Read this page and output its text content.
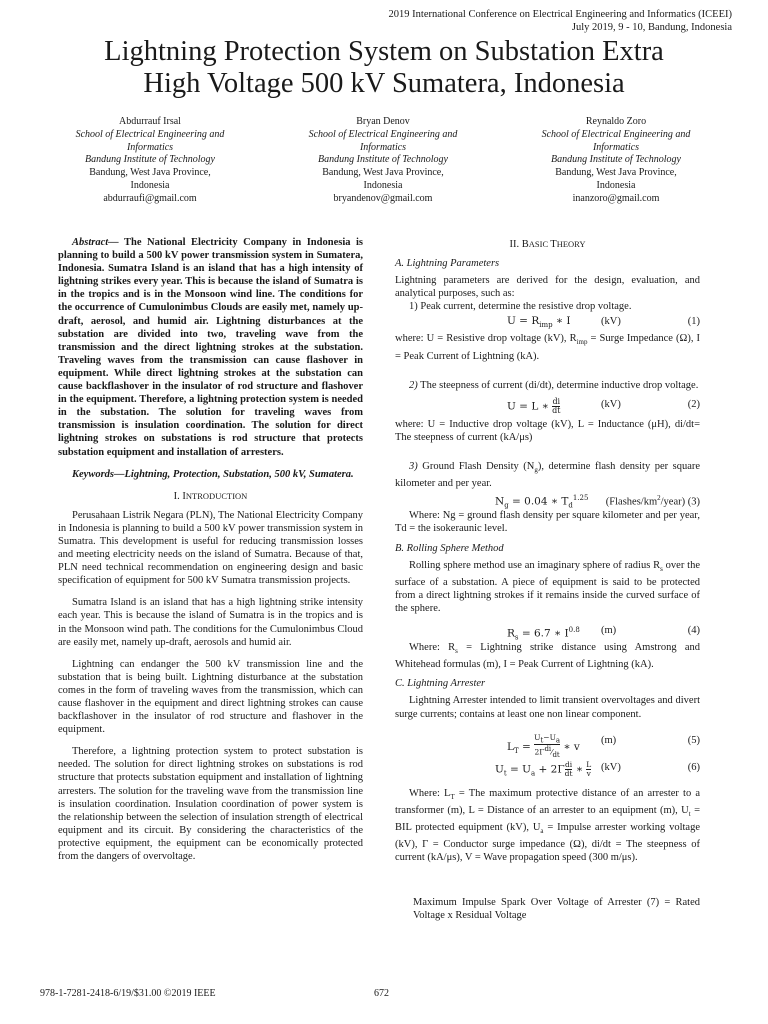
2019 International Conference on Electrical Engineering and Informatics (ICEEI)
July 2019, 9 - 10, Bandung, Indonesia
Lightning Protection System on Substation Extra
High Voltage 500 kV Sumatera, Indonesia
Abdurrauf Irsal
School of Electrical Engineering and
Informatics
Bandung Institute of Technology
Bandung, West Java Province,
Indonesia
abdurraufi@gmail.com
Bryan Denov
School of Electrical Engineering and
Informatics
Bandung Institute of Technology
Bandung, West Java Province,
Indonesia
bryandenov@gmail.com
Reynaldo Zoro
School of Electrical Engineering and
Informatics
Bandung Institute of Technology
Bandung, West Java Province,
Indonesia
inanzoro@gmail.com

Abstract— The National Electricity Company in Indonesia is planning to build a 500 kV power transmission system in Sumatera, Indonesia. Sumatra Island is an island that has a high intensity of lightning strikes every year. This is because the island of Sumatra is in the tropics and is in the Monsoon wind line. The conditions for the occurrence of Cumulonimbus Clouds are easily met, namely up-draft, aerosol, and humid air. Lightning disturbances at the substation are divided into two, traveling wave from the transmission and the direct lightning strokes at the substation. Traveling waves from the transmission can cause flashover in equipment. While direct lightning strokes at the substation can cause backflashover in the insulator of rod structure and flashover in the equipment. Therefore, a lightning protection system is needed in the substation. The solution for traveling waves from transmission is insulation coordination. The solution for direct lightning strokes on substations is rod structure that protects substation equipment and installation of arresters.

Keywords—Lightning, Protection, Substation, 500 kV, Sumatera.

I. INTRODUCTION

Perusahaan Listrik Negara (PLN), The National Electricity Company in Indonesia is planning to build a 500 kV power transmission system in Sumatra. This development is useful for reducing transmission losses and meeting electricity needs on the island of Sumatra. Because of that, PLN need technical recommendation on engineering design and basic specification of equipment for 500 kV Sumatra transmission projects.

Sumatra Island is an island that has a high lightning strike intensity each year. This is because the island of Sumatra is in the tropics and is in the Monsoon wind path. The conditions for the Cumulonimbus Cloud are easily met, namely up-draft, aerosols and humid air.

Lightning can endanger the 500 kV transmission line and the substation that is being built. Lightning disturbance at the substation comes in the form of traveling waves from the transmission, which can cause flashover in the equipment and direct lightning strokes can cause backflashover in the insulator of rod structure and flashover in the equipment.

Therefore, a lightning protection system to protect substation is needed. The solution for direct lightning strokes on substations is rod structure that protects substation equipment and installation of lightning arresters. The solution for the traveling wave from the transmission line is insulation coordination. Insulation coordination of power system is the relationship between the selection of insulation strength of electrical equipment and its circuit. By considering the characteristics of the protective equipment, the equipment can be economically protected from the dangers of overvoltage.

II. BASIC THEORY

A. Lightning Parameters

Lightning parameters are derived for the design, evaluation, and analytical purposes, such as:

1) Peak current, determine the resistive drop voltage.

$U = R_{imp}$ ∗ I	(kV)	(1)

where: U = Resistive drop voltage (kV), $R_{imp}$ = Surge Impedance (Ω), I = Peak Current of Lightning (kA).

2) The steepness of current (di/dt), determine inductive drop voltage.

U = L ∗ $\frac{di}{dt}$	(kV)	(2)

where: U = Inductive drop voltage (kV), L = Inductance (μH), di/dt= The steepness of current (kA/μs)

3) Ground Flash Density $(N_g)$, determine flash density per square kilometer and per year.

$N_g = 0.04$ ∗ $T_d^{1.25}$ $(Flashes/km^2/year)$ (3)

Where: Ng = ground flash density per square kilometer and per year, Td = the isokeraunic level.

B. Rolling Sphere Method

Rolling sphere method use an imaginary sphere of radius $R_s$ over the surface of a substation. A piece of equipment is said to be protected from a direct lightning strokes if it remains inside the curved surface of the sphere.

$R_s = 6.7$ ∗ $I^{0.8}$ (m)	(4)

Where: $R_s$ = Lightning strike distance using Amstrong and Whitehead formulas (m), I = Peak Current of Lightning (kA).

C. Lightning Arrester

Lightning Arrester intended to limit transient overvoltages and divert surge currents; contains at least one non linear component.

$L_T$ =
$U_t-U_a$
$2\Gamma^{di}⁄_{dt}$
∗ v
(m)	(5)
$U_t = U_a + 2\Gamma \frac{di}{dt}$ ∗ $\frac{L}{v} (kV)$	(6)

Where: $L_T$ = The maximum protective distance of an arrester to a transformer (m), L = Distance of an arrester to an equipment (m), $U_t$ = BIL protected equipment (kV), $U_a$ = Impulse arrester working voltage (kV), Γ = Conductor surge impedance (Ω), di/dt = The steepness of current (kA/μs), V = Wave propagation speed (300 m/μs).

Maximum Impulse Spark Over Voltage of Arrester (7) = Rated Voltage x Residual Voltage

978-1-7281-2418-6/19/$31.00 ©2019 IEEE	672
